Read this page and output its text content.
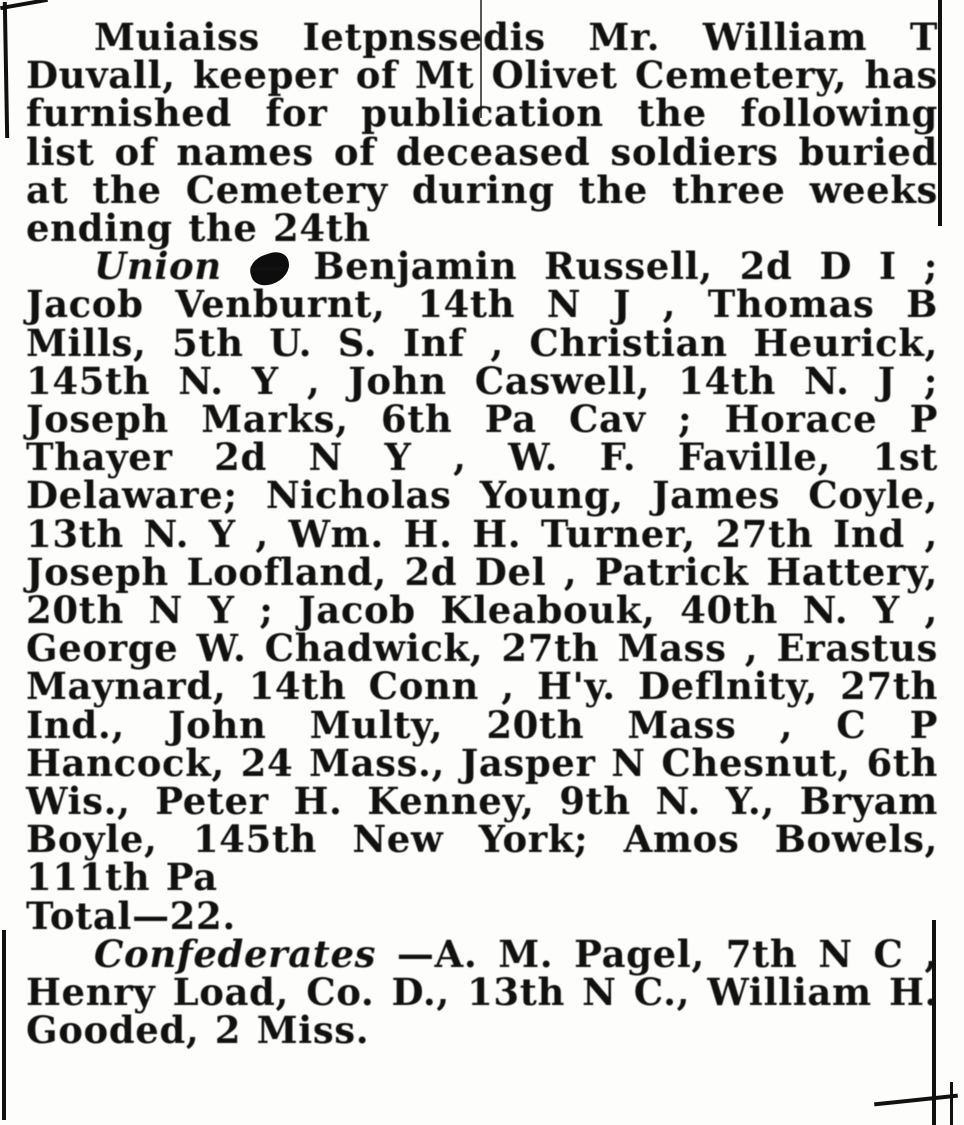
Muiaiss Ietpnssedis Mr. William T Duvall, keeper of Mt Olivet Cemetery, has furnished for publication the following list of names of deceased soldiers buried at the Cemetery during the three weeks ending the 24th

Union — Benjamin Russell, 2d D I ; Jacob Venburnt, 14th N J , Thomas B Mills, 5th U. S. Inf , Christian Heurick, 145th N. Y , John Caswell, 14th N. J ; Joseph Marks, 6th Pa Cav ; Horace P Thayer 2d N Y , W. F. Faville, 1st Delaware; Nicholas Young, James Coyle, 13th N. Y , Wm. H. H. Turner, 27th Ind , Joseph Loofland, 2d Del , Patrick Hattery, 20th N Y ; Jacob Kleabouk, 40th N. Y , George W. Chadwick, 27th Mass , Erastus Maynard, 14th Conn , H'y. Deflnity, 27th Ind., John Multy, 20th Mass , C P Hancock, 24 Mass., Jasper N Chesnut, 6th Wis., Peter H. Kenney, 9th N. Y., Bryam Boyle, 145th New York; Amos Bowels, 111th Pa

Total—22.

Confederates —A. M. Pagel, 7th N C , Henry Load, Co. D., 13th N C., William H. Gooded, 2 Miss.
